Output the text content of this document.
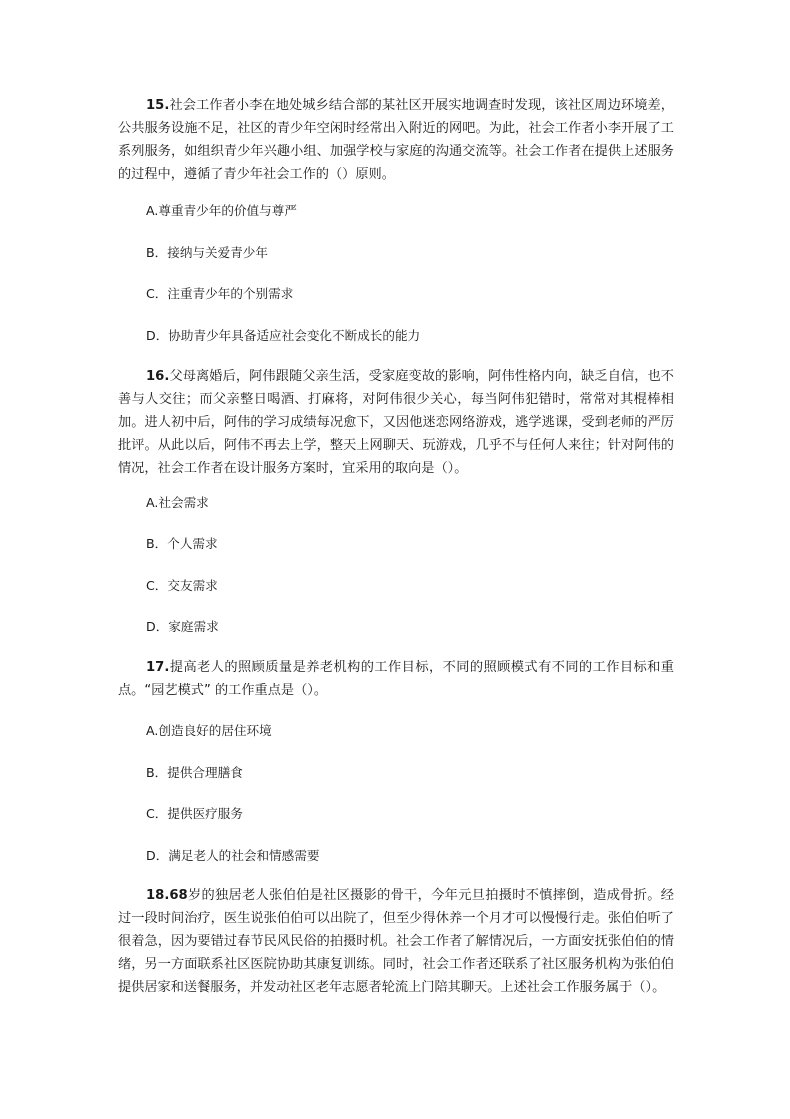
15.社会工作者小李在地处城乡结合部的某社区开展实地调查时发现，该社区周边环境差，公共服务设施不足，社区的青少年空闲时经常出入附近的网吧。为此，社会工作者小李开展了工系列服务，如组织青少年兴趣小组、加强学校与家庭的沟通交流等。社会工作者在提供上述服务的过程中，遵循了青少年社会工作的（）原则。

A.尊重青少年的价值与尊严
B．接纳与关爱青少年
C．注重青少年的个别需求
D．协助青少年具备适应社会变化不断成长的能力

16.父母离婚后，阿伟跟随父亲生活，受家庭变故的影响，阿伟性格内向，缺乏自信，也不善与人交往；而父亲整日喝酒、打麻将，对阿伟很少关心，每当阿伟犯错时，常常对其棍棒相加。进人初中后，阿伟的学习成绩每况愈下，又因他迷恋网络游戏，逃学逃课，受到老师的严厉批评。从此以后，阿伟不再去上学，整天上网聊天、玩游戏，几乎不与任何人来往；针对阿伟的情况，社会工作者在设计服务方案时，宜采用的取向是（）。

A.社会需求
B．个人需求
C．交友需求
D．家庭需求

17.提高老人的照顾质量是养老机构的工作目标，不同的照顾模式有不同的工作目标和重点。“园艺模式” 的工作重点是（）。

A.创造良好的居住环境
B．提供合理膳食
C．提供医疗服务
D．满足老人的社会和情感需要

18.68岁的独居老人张伯伯是社区摄影的骨干，今年元旦拍摄时不慎摔倒，造成骨折。经过一段时间治疗，医生说张伯伯可以出院了，但至少得休养一个月才可以慢慢行走。张伯伯听了很着急，因为要错过春节民风民俗的拍摄时机。社会工作者了解情况后，一方面安抚张伯伯的情绪，另一方面联系社区医院协助其康复训练。同时，社会工作者还联系了社区服务机构为张伯伯提供居家和送餐服务，并发动社区老年志愿者轮流上门陪其聊天。上述社会工作服务属于（）。
